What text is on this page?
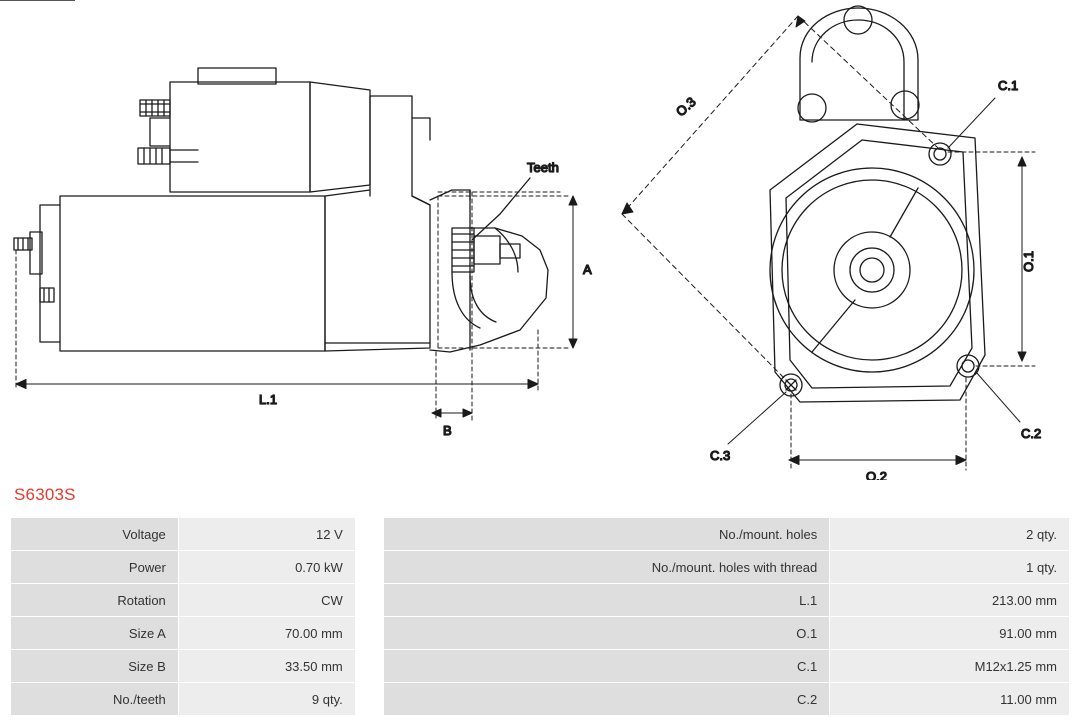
Teeth
A
B
L.1
O.3
O.1
O.2
C.1
C.2
C.3
S6303S
Voltage	12 V		No./mount. holes	2 qty.
Power	0.70 kW		No./mount. holes with thread	1 qty.
Rotation	CW		L.1	213.00 mm
Size A	70.00 mm		O.1	91.00 mm
Size B	33.50 mm		C.1	M12x1.25 mm
No./teeth	9 qty.		C.2	11.00 mm
